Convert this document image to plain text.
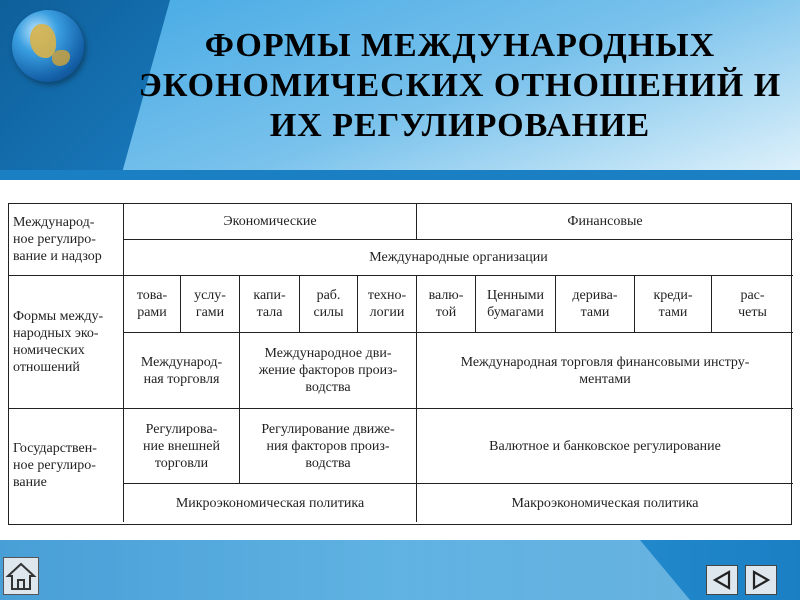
ФОРМЫ МЕЖДУНАРОДНЫХ
ЭКОНОМИЧЕСКИХ ОТНОШЕНИЙ И
ИХ РЕГУЛИРОВАНИЕ
Международ-
ное регулиро-
вание и надзор
Формы между-
народных эко-
номических
отношений
Государствен-
ное регулиро-
вание
Экономические	Финансовые
Международные организации
това-
рами
услу-
гами
капи-
тала
раб.
силы
техно-
логии
валю-
той
Ценными
бумагами
дерива-
тами
креди-
тами
рас-
четы
Международ-
ная торговля
Международное дви-
жение факторов произ-
водства
Международная торговля финансовыми инстру-
ментами
Регулирова-
ние внешней
торговли
Регулирование движе-
ния факторов произ-
водства
Валютное и банковское регулирование
Микроэкономическая политика	Макроэкономическая политика
